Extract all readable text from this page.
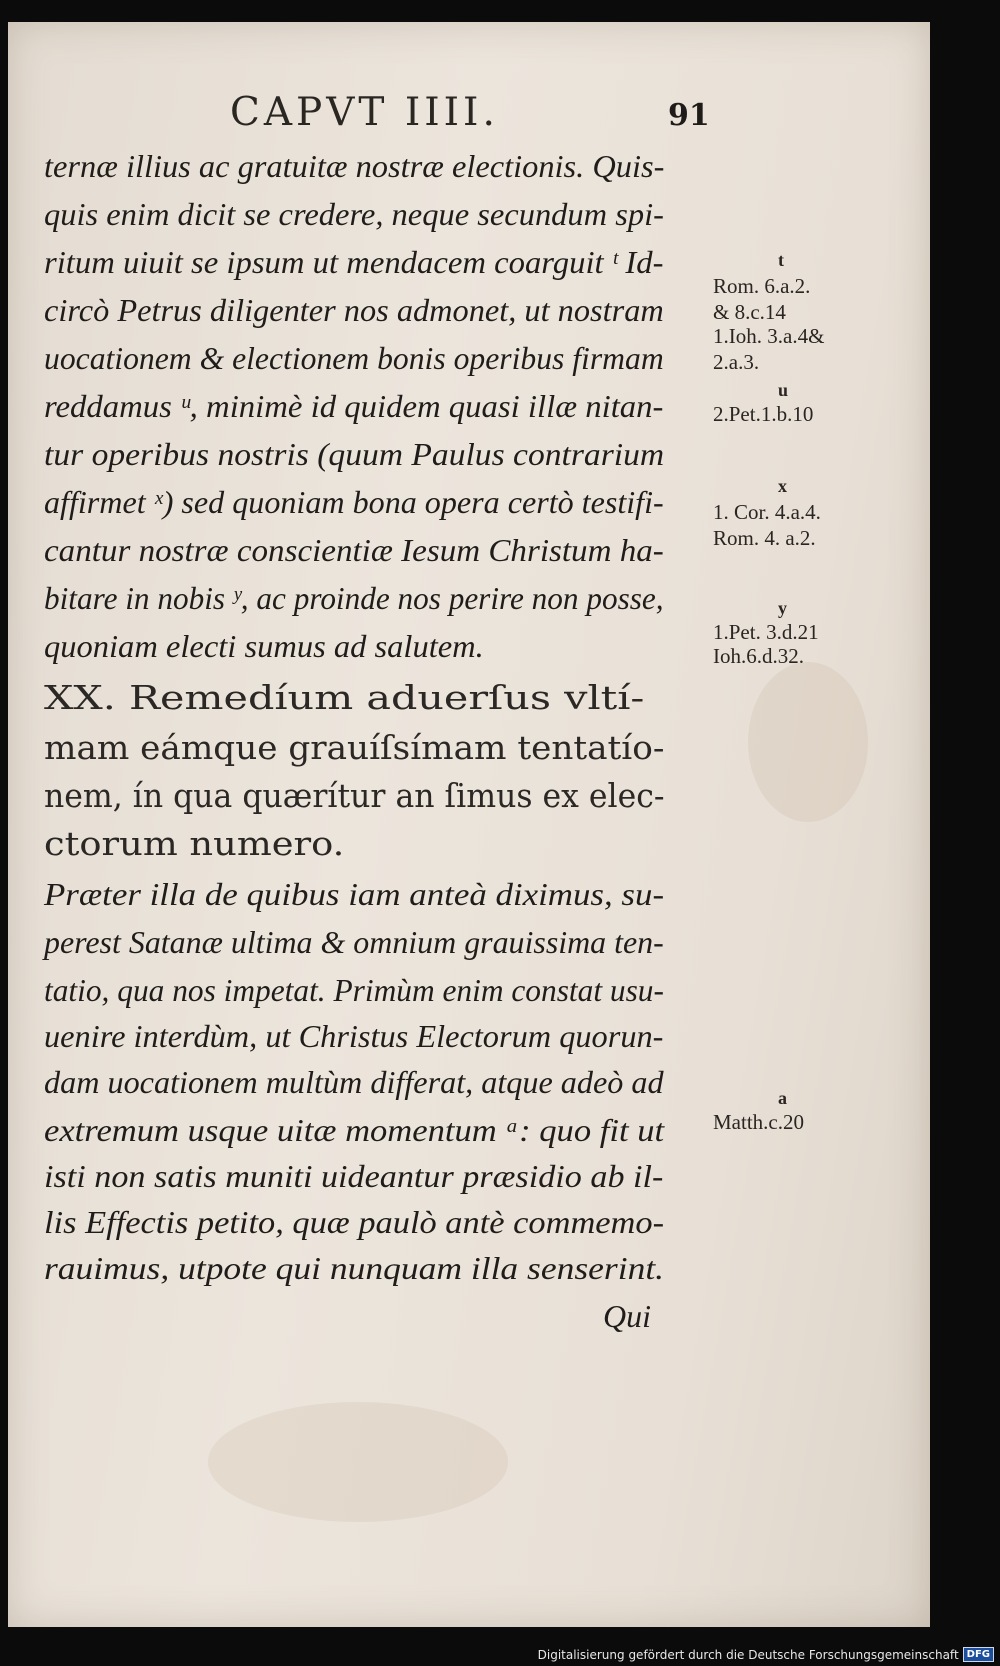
CAPVT IIII.	91
ternæ illius ac gratuitæ nostræ electionis. Quis-
quis enim dicit se credere, neque secundum spi-
ritum uiuit se ipsum ut mendacem coarguit ᵗ Id-
circò Petrus diligenter nos admonet, ut nostram
uocationem & electionem bonis operibus firmam
reddamus ᵘ, minimè id quidem quasi illæ nitan-
tur operibus nostris (quum Paulus contrarium
affirmet ˣ) sed quoniam bona opera certò testifi-
cantur nostræ conscientiæ Iesum Christum ha-
bitare in nobis ʸ, ac proinde nos perire non posse,
quoniam electi sumus ad salutem.
XX. Remedíum aduerſus vltí-
mam eámque grauíſsímam tentatío-
nem, ín qua quærítur an ſimus ex elec-
ctorum numero.
Præter illa de quibus iam anteà diximus, su-
perest Satanæ ultima & omnium grauissima ten-
tatio, qua nos impetat. Primùm enim constat usu-
uenire interdùm, ut Christus Electorum quorun-
dam uocationem multùm differat, atque adeò ad
extremum usque uitæ momentum ᵃ: quo fit ut
isti non satis muniti uideantur præsidio ab il-
lis Effectis petito, quæ paulò antè commemo-
rauimus, utpote qui nunquam illa senserint.
Qui
t
Rom. 6.a.2.
& 8.c.14
1.Ioh. 3.a.4&
2.a.3.
u
2.Pet.1.b.10
x
1. Cor. 4.a.4.
Rom. 4. a.2.
y
1.Pet. 3.d.21
Ioh.6.d.32.
a
Matth.c.20
Digitalisierung gefördert durch die Deutsche Forschungsgemeinschaft DFG
